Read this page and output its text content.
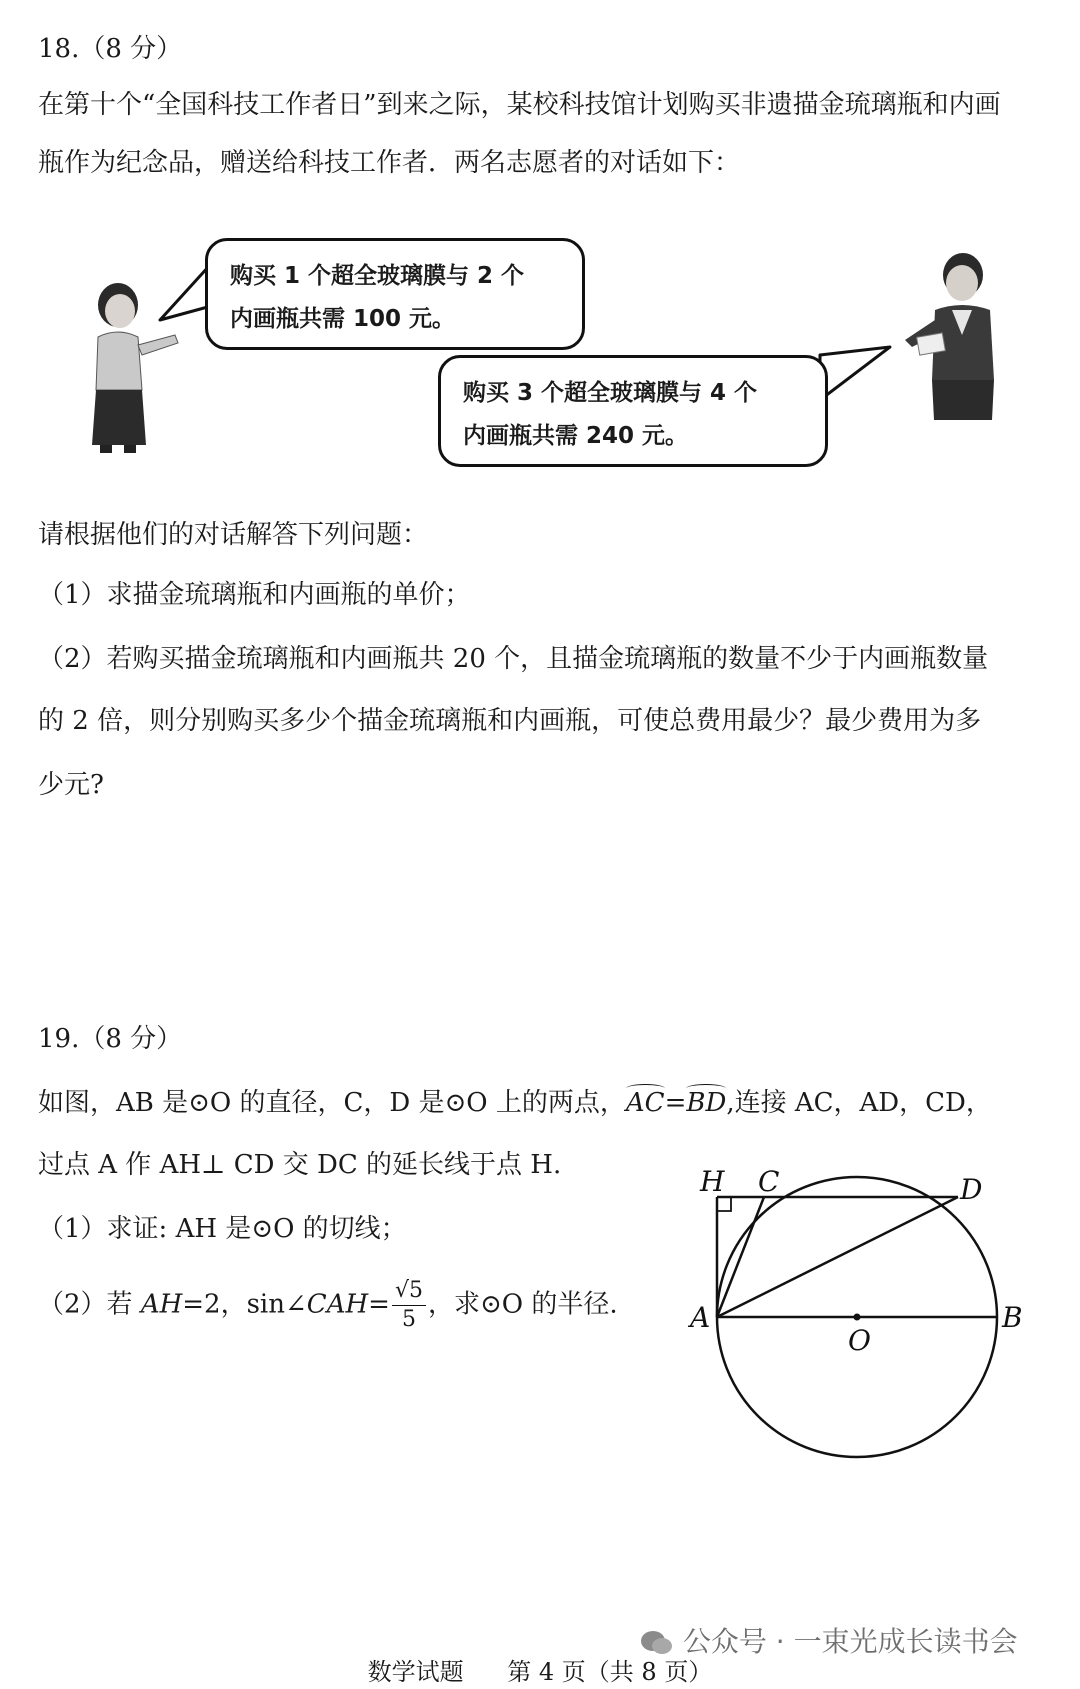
18.（8 分）
在第十个“全国科技工作者日”到来之际，某校科技馆计划购买非遗描金琉璃瓶和内画
瓶作为纪念品，赠送给科技工作者．两名志愿者的对话如下：
购买 1 个超全玻璃膜与 2 个
内画瓶共需 100 元。
购买 3 个超全玻璃膜与 4 个
内画瓶共需 240 元。
请根据他们的对话解答下列问题：
（1）求描金琉璃瓶和内画瓶的单价；
（2）若购买描金琉璃瓶和内画瓶共 20 个，且描金琉璃瓶的数量不少于内画瓶数量
的 2 倍，则分别购买多少个描金琉璃瓶和内画瓶，可使总费用最少？最少费用为多
少元?
19.（8 分）
如图，AB 是⊙O 的直径，C，D 是⊙O 上的两点，AC=BD,连接 AC，AD，CD，
过点 A 作 AH⊥ CD 交 DC 的延长线于点 H.
（1）求证: AH 是⊙O 的切线；
（2）若 AH=2，sin∠CAH= $\frac{√5}{5}$ ，求⊙O 的半径.
H C	D
A
O
B
公众号 · 一束光成长读书会
数学试题 第 4 页（共 8 页）
